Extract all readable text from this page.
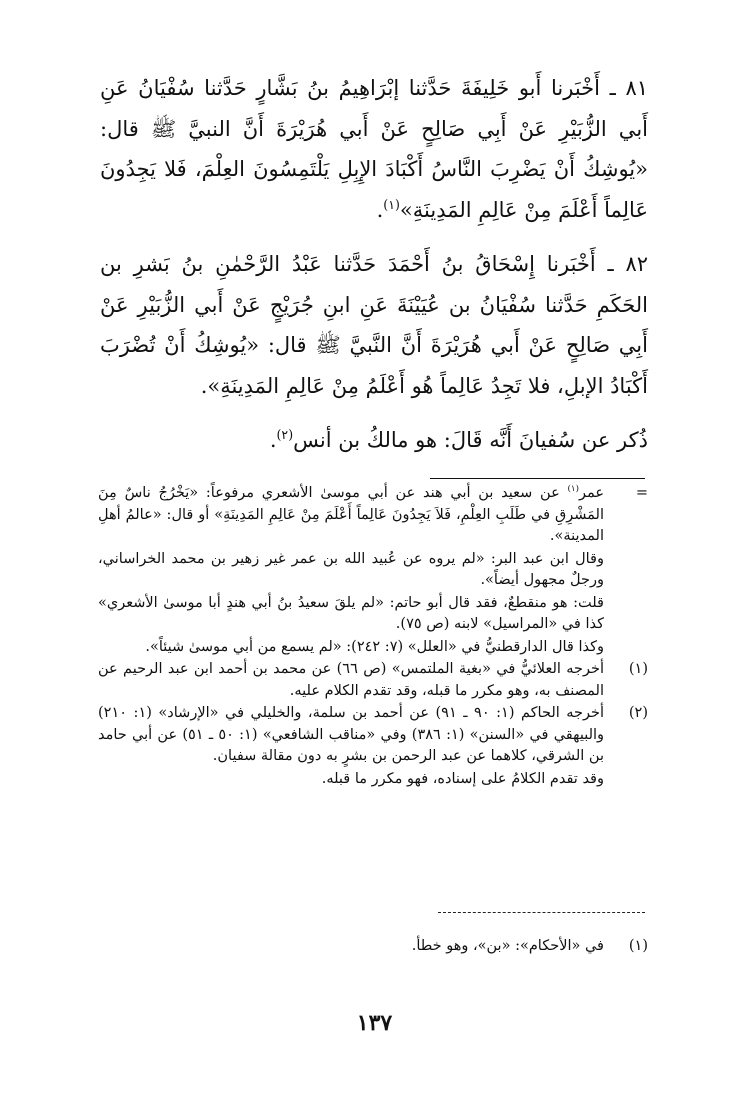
٨١ ـ أَخْبَرنا أَبو خَلِيفَةَ حَدَّثنا إبْرَاهِيمُ بنُ بَشَّارٍ حَدَّثنا سُفْيَانُ عَنِ أَبي الزُّبَيْرِ عَنْ أَبِي صَالِحٍ عَنْ أَبي هُرَيْرَةَ أَنَّ النبيَّ ﷺ قال: «يُوشِكُ أَنْ يَضْرِبَ النَّاسُ أَكْبَادَ الإِبِلِ يَلْتَمِسُونَ العِلْمَ، فَلا يَجِدُونَ عَالِماً أَعْلَمَ مِنْ عَالِمِ المَدِينَةِ»$^{(١)}$.

٨٢ ـ أَخْبَرنا إِسْحَاقُ بنُ أَحْمَدَ حَدَّثنا عَبْدُ الرَّحْمٰنِ بنُ بَشرِ بن الحَكَمِ حَدَّثنا سُفْيَانُ بن عُيَيْنَةَ عَنِ ابنِ جُرَيْجٍ عَنْ أَبي الزُّبَيْرِ عَنْ أَبِي صَالِحٍ عَنْ أَبي هُرَيْرَةَ أَنَّ النَّبيَّ ﷺ قال: «يُوشِكُ أَنْ تُضْرَبَ أَكْبَادُ الإبلِ، فلا تَجِدُ عَالِماً هُو أَعْلَمُ مِنْ عَالِمِ المَدِينَةِ».

ذُكر عن سُفيانَ أَنَّه قَالَ: هو مالكُ بن أنس$^{(٢)}$.

=

عمر$^{(١)}$ عن سعيد بن أبي هند عن أبي موسىٰ الأشعري مرفوعاً: «يَخْرُجُ ناسٌ مِنَ المَشْرِقِ في طَلَبِ العِلْمِ، فَلاَ يَجِدُونَ عَالِماً أَعْلَمَ مِنْ عَالِمِ المَدِينَةِ» أو قال: «عالمُ أهلِ المدينة».

وقال ابن عبد البر: «لم يروه عن عُبيد الله بن عمر غير زهير بن محمد الخراساني، ورجلٌ مجهول أيضاً».

قلت: هو منقطعٌ، فقد قال أبو حاتم: «لم يلقَ سعيدُ بنُ أبي هندٍ أبا موسىٰ الأشعري» كذا في «المراسيل» لابنه (ص ٧٥).

وكذا قال الدارقطنيُّ في «العلل» (٧: ٢٤٢): «لم يسمع من أبي موسىٰ شيئاً».

(١)

أخرجه العلائيُّ في «بغية الملتمس» (ص ٦٦) عن محمد بن أحمد ابن عبد الرحيم عن المصنف به، وهو مكرر ما قبله، وقد تقدم الكلام عليه.

(٢)

أخرجه الحاكم (١: ٩٠ ـ ٩١) عن أحمد بن سلمة، والخليلي في «الإرشاد» (١: ٢١٠) والبيهقي في «السنن» (١: ٣٨٦) وفي «مناقب الشافعي» (١: ٥٠ ـ ٥١) عن أبي حامد بن الشرقي، كلاهما عن عبد الرحمن بن بشرٍ به دون مقالة سفيان.

وقد تقدم الكلامُ على إسناده، فهو مكرر ما قبله.

(١)

في «الأحكام»: «بن»، وهو خطأ.

١٣٧
